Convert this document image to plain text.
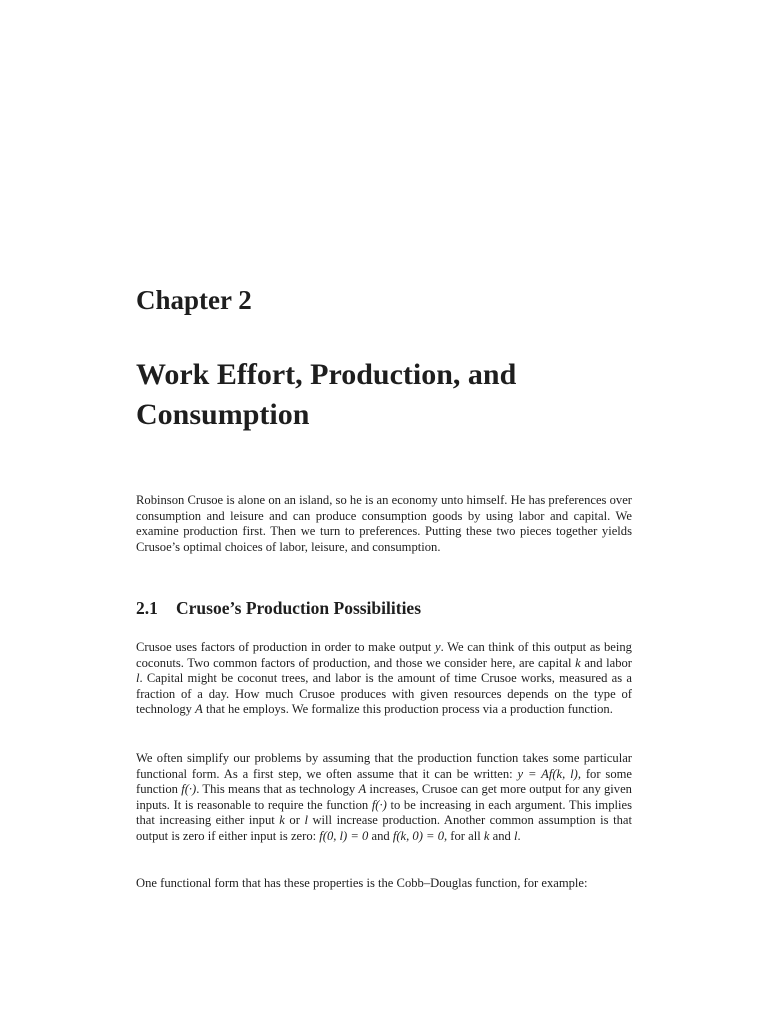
Chapter 2
Work Effort, Production, and
Consumption

Robinson Crusoe is alone on an island, so he is an economy unto himself. He has preferences over consumption and leisure and can produce consumption goods by using labor and capital. We examine production first. Then we turn to preferences. Putting these two pieces together yields Crusoe’s optimal choices of labor, leisure, and consumption.

2.1 Crusoe’s Production Possibilities

Crusoe uses factors of production in order to make output y. We can think of this output as being coconuts. Two common factors of production, and those we consider here, are capital k and labor l. Capital might be coconut trees, and labor is the amount of time Crusoe works, measured as a fraction of a day. How much Crusoe produces with given resources depends on the type of technology A that he employs. We formalize this production process via a production function.

We often simplify our problems by assuming that the production function takes some particular functional form. As a first step, we often assume that it can be written: y = Af(k, l), for some function f(·). This means that as technology A increases, Crusoe can get more output for any given inputs. It is reasonable to require the function f(·) to be increasing in each argument. This implies that increasing either input k or l will increase production. Another common assumption is that output is zero if either input is zero: f(0, l) = 0 and f(k, 0) = 0, for all k and l.

One functional form that has these properties is the Cobb–Douglas function, for example:
